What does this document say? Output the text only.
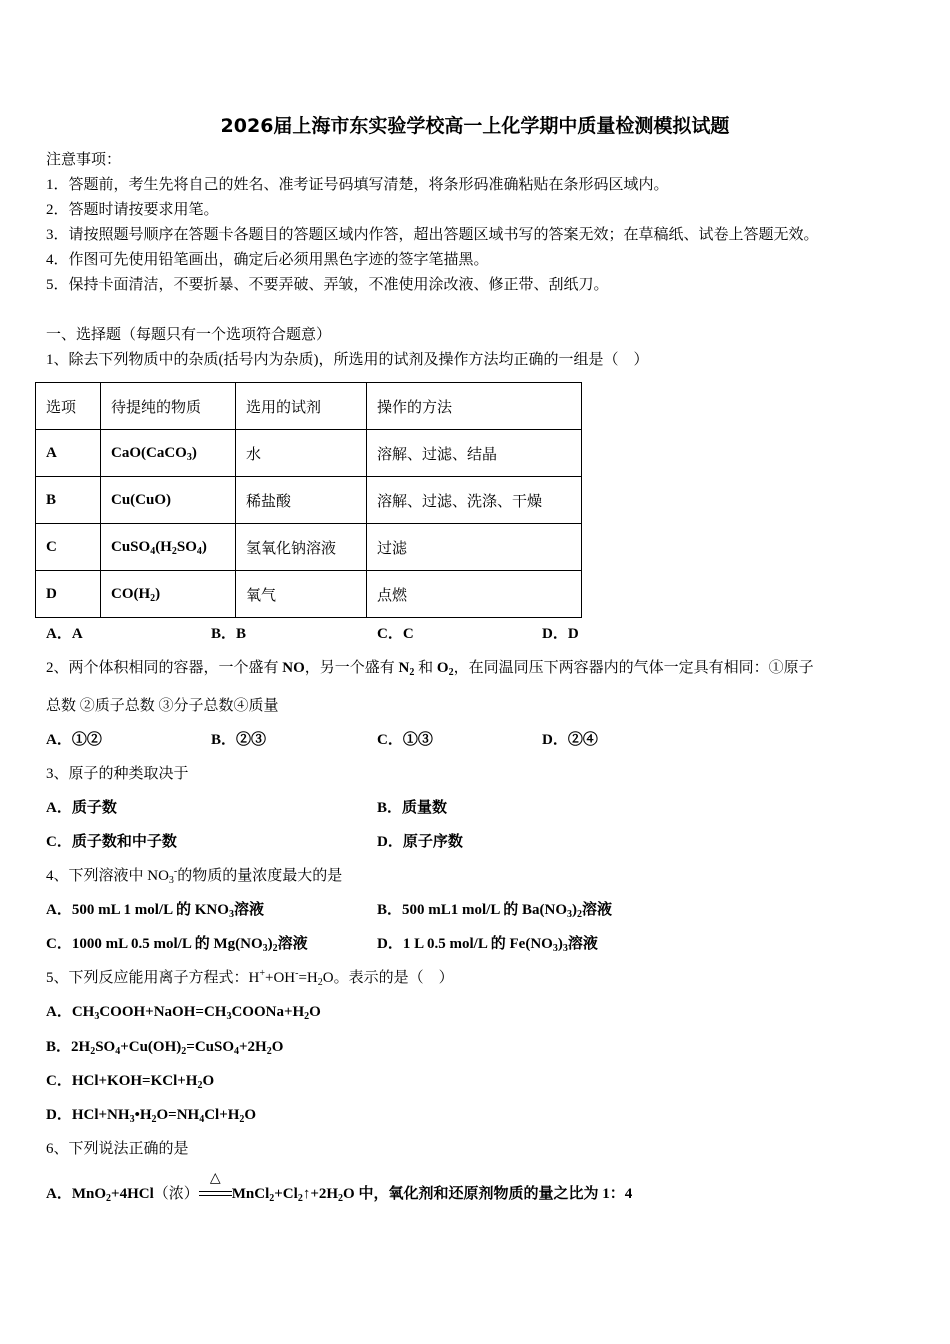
2026届上海市东实验学校高一上化学期中质量检测模拟试题
注意事项：
1．答题前，考生先将自己的姓名、准考证号码填写清楚，将条形码准确粘贴在条形码区域内。
2．答题时请按要求用笔。
3．请按照题号顺序在答题卡各题目的答题区域内作答，超出答题区域书写的答案无效；在草稿纸、试卷上答题无效。
4．作图可先使用铅笔画出，确定后必须用黑色字迹的签字笔描黑。
5．保持卡面清洁，不要折暴、不要弄破、弄皱，不准使用涂改液、修正带、刮纸刀。
一、选择题（每题只有一个选项符合题意）
1、除去下列物质中的杂质(括号内为杂质)，所选用的试剂及操作方法均正确的一组是（　）
选项	待提纯的物质	选用的试剂	操作的方法
A	CaO(CaCO$_3$)	水	溶解、过滤、结晶
B	Cu(CuO)	稀盐酸	溶解、过滤、洗涤、干燥
C	$CuSO_4(H_2SO_4)$	氢氧化钠溶液	过滤
D	$CO(H_2)$	氧气	点燃
A．A	B．B	C．C	D．D
2、两个体积相同的容器，一个盛有 NO，另一个盛有 $N_2$ 和 $O_2$，在同温同压下两容器内的气体一定具有相同：①原子
总数 ②质子总数 ③分子总数④质量
A．①②	B．②③	C．①③	D．②④
3、原子的种类取决于
A．质子数	B．质量数
C．质子数和中子数	D．原子序数
4、下列溶液中 $NO_3^-$的物质的量浓度最大的是
A．500 mL 1 mol/L 的 $KNO_3$溶液	B．500 mL1 mol/L 的 $Ba(NO_3)_2$溶液
C．1000 mL 0.5 mol/L 的 $Mg(NO_3)_2$溶液	D．1 L 0.5 mol/L 的 $Fe(NO_3)_3$溶液
5、下列反应能用离子方程式：$H^++OH^-=H_2O$。表示的是（　）
A．$CH_3COOH+NaOH=CH_3COONa+H_2O$
B．$2H_2SO_4+Cu(OH)_2=CuSO_4+2H_2O$
C．$HCl+KOH=KCl+H_2O$
D．$HCl+NH_3•H_2O=NH_4Cl+H_2O$
6、下列说法正确的是
A．MnO$_2$+4HCl（浓）
△
$MnCl_2+Cl_2↑+2H_2O$ 中，氧化剂和还原剂物质的量之比为 1：4
